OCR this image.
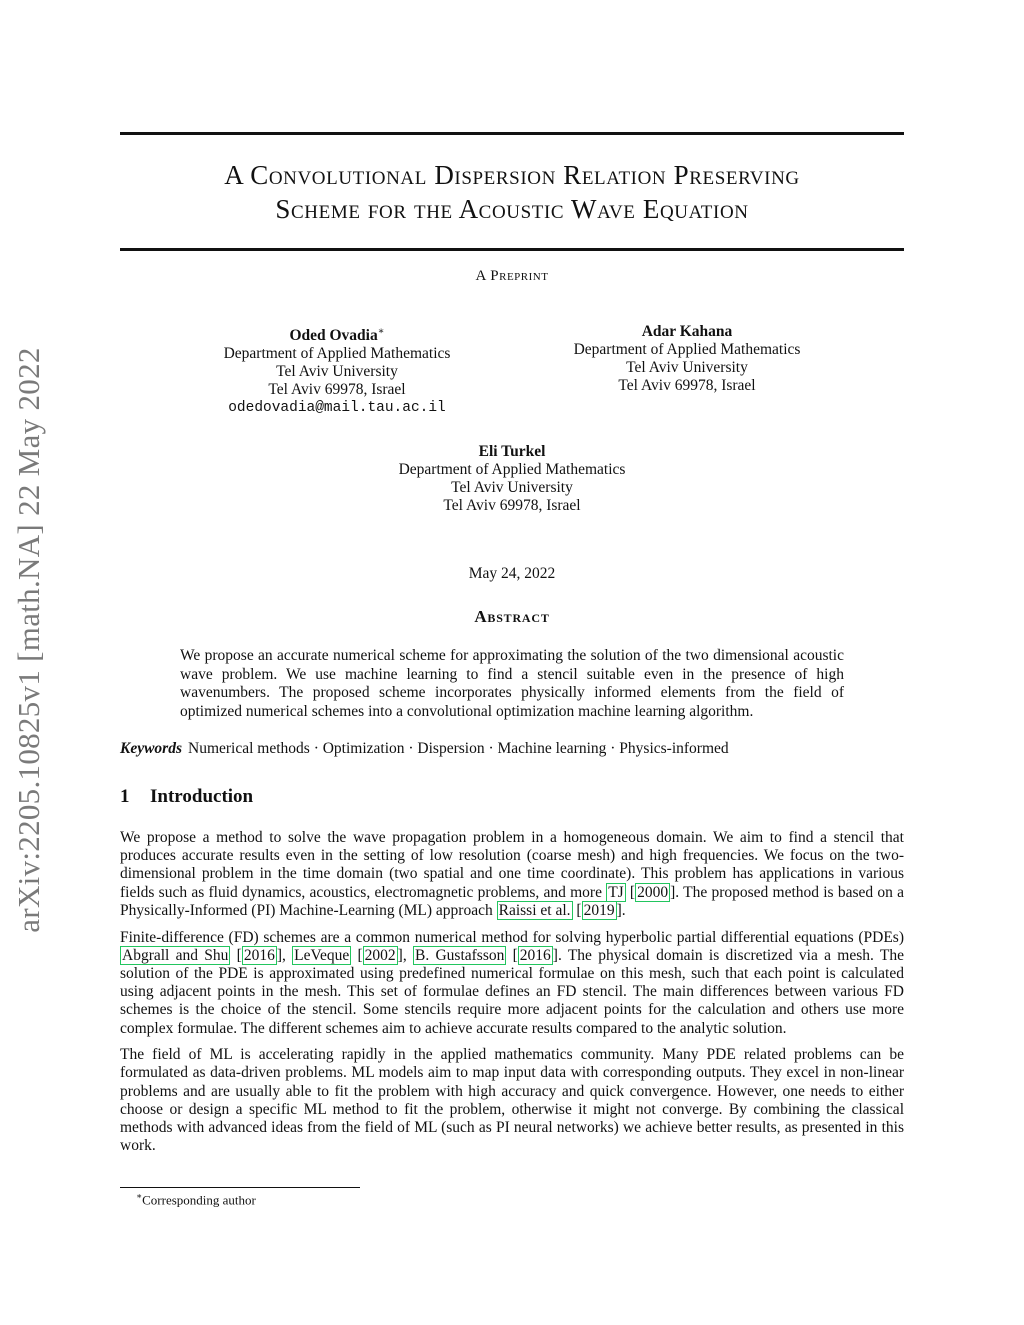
arXiv:2205.10825v1 [math.NA] 22 May 2022
A Convolutional Dispersion Relation Preserving
Scheme for the Acoustic Wave Equation
A Preprint
Oded Ovadia∗
Department of Applied Mathematics
Tel Aviv University
Tel Aviv 69978, Israel
odedovadia@mail.tau.ac.il
Adar Kahana
Department of Applied Mathematics
Tel Aviv University
Tel Aviv 69978, Israel
Eli Turkel
Department of Applied Mathematics
Tel Aviv University
Tel Aviv 69978, Israel
May 24, 2022
Abstract
We propose an accurate numerical scheme for approximating the solution of the two dimensional acoustic wave problem. We use machine learning to find a stencil suitable even in the presence of high wavenumbers. The proposed scheme incorporates physically informed elements from the field of optimized numerical schemes into a convolutional optimization machine learning algorithm.
Keywords Numerical methods · Optimization · Dispersion · Machine learning · Physics-informed
1 Introduction

We propose a method to solve the wave propagation problem in a homogeneous domain. We aim to find a stencil that produces accurate results even in the setting of low resolution (coarse mesh) and high frequencies. We focus on the two-dimensional problem in the time domain (two spatial and one time coordinate). This problem has applications in various fields such as fluid dynamics, acoustics, electromagnetic problems, and more TJ [ 2000 ]. The proposed method is based on a Physically-Informed (PI) Machine-Learning (ML) approach Raissi et al. [ 2019 ].

Finite-difference (FD) schemes are a common numerical method for solving hyperbolic partial differential equations (PDEs) Abgrall and Shu [ 2016 ], LeVeque [ 2002 ], B. Gustafsson [ 2016 ]. The physical domain is discretized via a mesh. The solution of the PDE is approximated using predefined numerical formulae on this mesh, such that each point is calculated using adjacent points in the mesh. This set of formulae defines an FD stencil. The main differences between various FD schemes is the choice of the stencil. Some stencils require more adjacent points for the calculation and others use more complex formulae. The different schemes aim to achieve accurate results compared to the analytic solution.

The field of ML is accelerating rapidly in the applied mathematics community. Many PDE related problems can be formulated as data-driven problems. ML models aim to map input data with corresponding outputs. They excel in non-linear problems and are usually able to fit the problem with high accuracy and quick convergence. However, one needs to either choose or design a specific ML method to fit the problem, otherwise it might not converge. By combining the classical methods with advanced ideas from the field of ML (such as PI neural networks) we achieve better results, as presented in this work.

∗Corresponding author
